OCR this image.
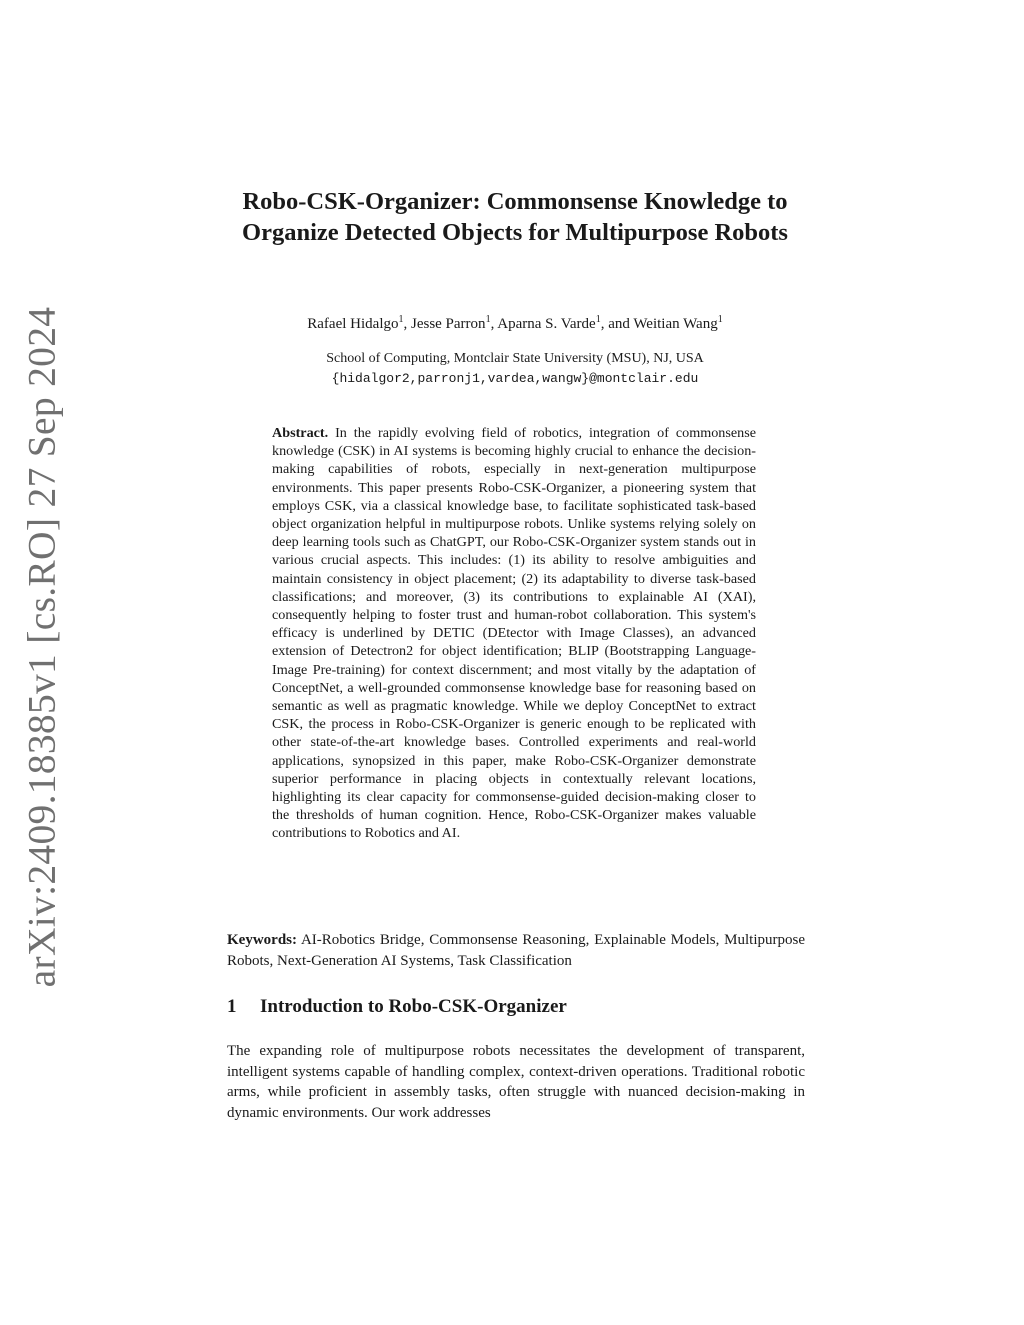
arXiv:2409.18385v1 [cs.RO] 27 Sep 2024
Robo-CSK-Organizer: Commonsense Knowledge to Organize Detected Objects for Multipurpose Robots
Rafael Hidalgo$^1$, Jesse Parron$^1$, Aparna S. Varde$^1$, and Weitian Wang$^1$
School of Computing, Montclair State University (MSU), NJ, USA
{hidalgor2,parronj1,vardea,wangw}@montclair.edu

Abstract. In the rapidly evolving field of robotics, integration of commonsense knowledge (CSK) in AI systems is becoming highly crucial to enhance the decision-making capabilities of robots, especially in next-generation multipurpose environments. This paper presents Robo-CSK-Organizer, a pioneering system that employs CSK, via a classical knowledge base, to facilitate sophisticated task-based object organization helpful in multipurpose robots. Unlike systems relying solely on deep learning tools such as ChatGPT, our Robo-CSK-Organizer system stands out in various crucial aspects. This includes: (1) its ability to resolve ambiguities and maintain consistency in object placement; (2) its adaptability to diverse task-based classifications; and moreover, (3) its contributions to explainable AI (XAI), consequently helping to foster trust and human-robot collaboration. This system's efficacy is underlined by DETIC (DEtector with Image Classes), an advanced extension of Detectron2 for object identification; BLIP (Bootstrapping Language-Image Pre-training) for context discernment; and most vitally by the adaptation of ConceptNet, a well-grounded commonsense knowledge base for reasoning based on semantic as well as pragmatic knowledge. While we deploy ConceptNet to extract CSK, the process in Robo-CSK-Organizer is generic enough to be replicated with other state-of-the-art knowledge bases. Controlled experiments and real-world applications, synopsized in this paper, make Robo-CSK-Organizer demonstrate superior performance in placing objects in contextually relevant locations, highlighting its clear capacity for commonsense-guided decision-making closer to the thresholds of human cognition. Hence, Robo-CSK-Organizer makes valuable contributions to Robotics and AI.

Keywords: AI-Robotics Bridge, Commonsense Reasoning, Explainable Models, Multipurpose Robots, Next-Generation AI Systems, Task Classification

1 Introduction to Robo-CSK-Organizer

The expanding role of multipurpose robots necessitates the development of transparent, intelligent systems capable of handling complex, context-driven operations. Traditional robotic arms, while proficient in assembly tasks, often struggle with nuanced decision-making in dynamic environments. Our work addresses
